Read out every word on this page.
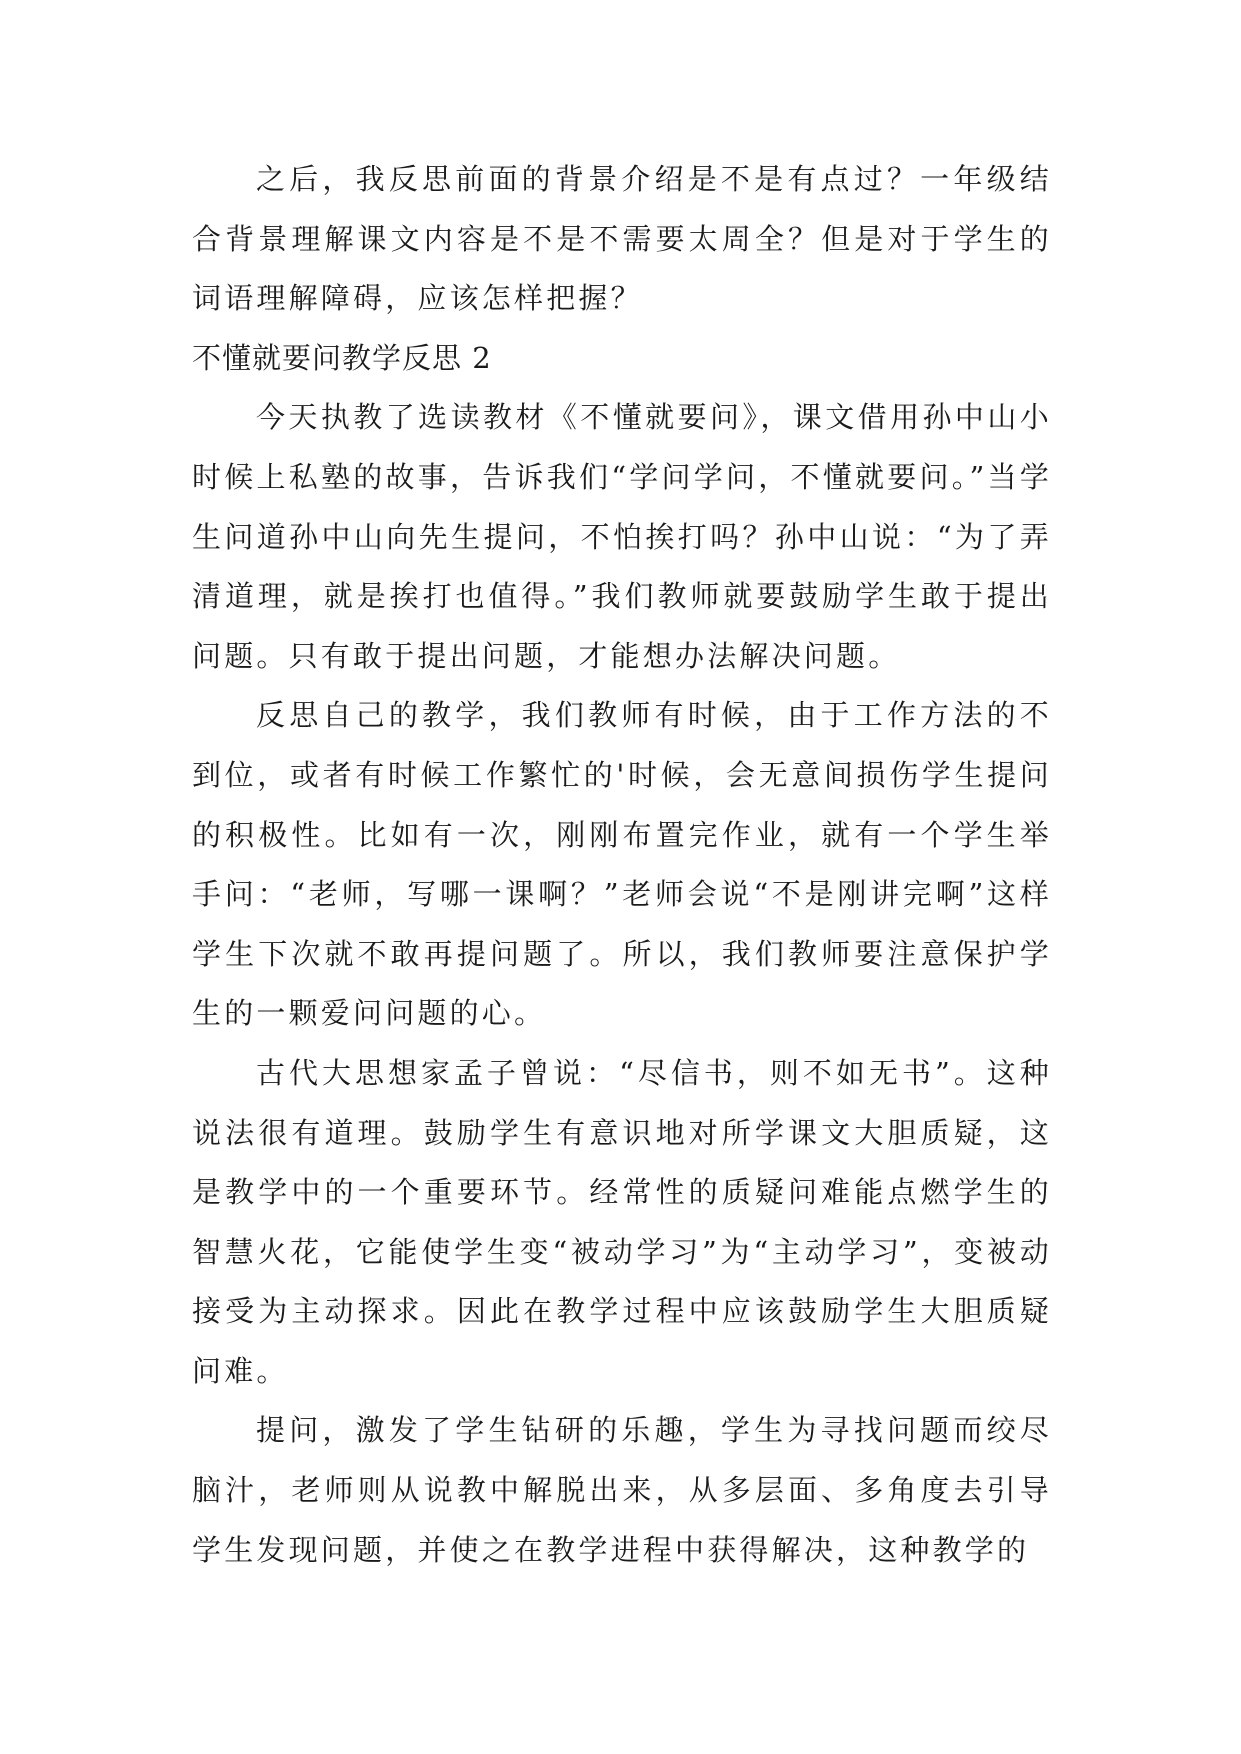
之后，我反思前面的背景介绍是不是有点过？一年级结合背景理解课文内容是不是不需要太周全？但是对于学生的词语理解障碍，应该怎样把握？

不懂就要问教学反思 2

今天执教了选读教材《不懂就要问》，课文借用孙中山小时候上私塾的故事，告诉我们“学问学问，不懂就要问。”当学生问道孙中山向先生提问，不怕挨打吗？孙中山说：“为了弄清道理，就是挨打也值得。”我们教师就要鼓励学生敢于提出问题。只有敢于提出问题，才能想办法解决问题。

反思自己的教学，我们教师有时候，由于工作方法的不到位，或者有时候工作繁忙的'时候，会无意间损伤学生提问的积极性。比如有一次，刚刚布置完作业，就有一个学生举手问：“老师，写哪一课啊？”老师会说“不是刚讲完啊”这样学生下次就不敢再提问题了。所以，我们教师要注意保护学生的一颗爱问问题的心。

古代大思想家孟子曾说：“尽信书，则不如无书”。这种说法很有道理。鼓励学生有意识地对所学课文大胆质疑，这是教学中的一个重要环节。经常性的质疑问难能点燃学生的智慧火花，它能使学生变“被动学习”为“主动学习”，变被动接受为主动探求。因此在教学过程中应该鼓励学生大胆质疑问难。

提问，激发了学生钻研的乐趣，学生为寻找问题而绞尽脑汁，老师则从说教中解脱出来，从多层面、多角度去引导学生发现问题，并使之在教学进程中获得解决，这种教学的
